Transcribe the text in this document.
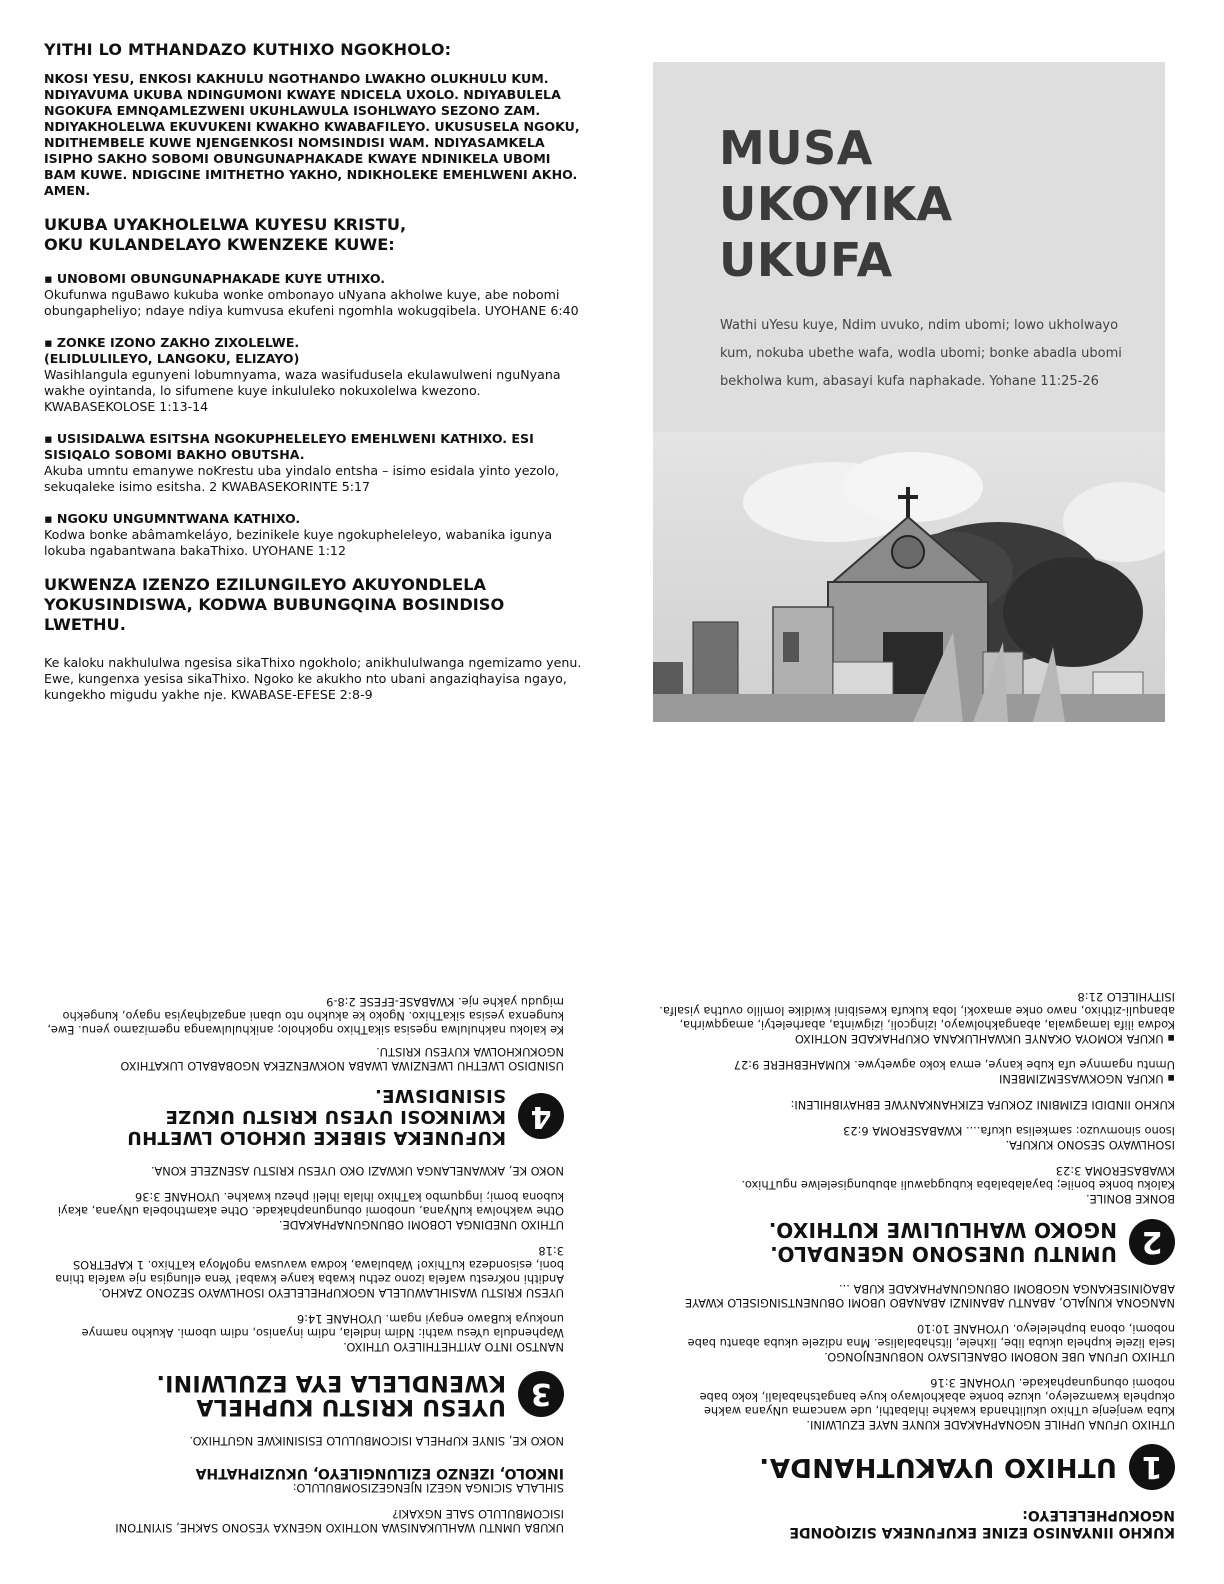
YITHI LO MTHANDAZO KUTHIXO NGOKHOLO:

NKOSI YESU, ENKOSI KAKHULU NGOTHANDO LWAKHO OLUKHULU KUM. NDIYAVUMA UKUBA NDINGUMONI KWAYE NDICELA UXOLO. NDIYABULELA NGOKUFA EMNQAMLEZWENI UKUHLAWULA ISOHLWAYO SEZONO ZAM. NDIYAKHOLELWA EKUVUKENI KWAKHO KWABAFILEYO. UKUSUSELA NGOKU, NDITHEMBELE KUWE NJENGENKOSI NOMSINDISI WAM. NDIYASAMKELA ISIPHO SAKHO SOBOMI OBUNGUNAPHAKADE KWAYE NDINIKELA UBOMI BAM KUWE. NDIGCINE IMITHETHO YAKHO, NDIKHOLEKE EMEHLWENI AKHO. AMEN.

UKUBA UYAKHOLELWA KUYESU KRISTU, OKU KULANDELAYO KWENZEKE KUWE:

▪ UNOBOMI OBUNGUNAPHAKADE KUYE UTHIXO.

Okufunwa nguBawo kukuba wonke ombonayo uNyana akholwe kuye, abe nobomi obungapheliyo; ndaye ndiya kumvusa ekufeni ngomhla wokugqibela. UYOHANE 6:40

▪ ZONKE IZONO ZAKHO ZIXOLELWE. (ELIDLULILEYO, LANGOKU, ELIZAYO)

Wasihlangula egunyeni lobumnyama, waza wasifudusela ekulawulweni nguNyana wakhe oyintanda, lo sifumene kuye inkululeko nokuxolelwa kwezono. KWABASEKOLOSE 1:13-14

▪ USISIDALWA ESITSHA NGOKUPHELELEYO EMEHLWENI KATHIXO. ESI SISIQALO SOBOMI BAKHO OBUTSHA.

Akuba umntu emanywe noKrestu uba yindalo entsha – isimo esidala yinto yezolo, sekuqaleke isimo esitsha. 2 KWABASEKORINTE 5:17

▪ NGOKU UNGUMNTWANA KATHIXO.

Kodwa bonke abâmamkeláyo, bezinikele kuye ngokupheleleyo, wabanika igunya lokuba ngabantwana bakaThixo. UYOHANE 1:12

UKWENZA IZENZO EZILUNGILEYO AKUYONDLELA YOKUSINDISWA, KODWA BUBUNGQINA BOSINDISO LWETHU.

Ke kaloku nakhululwa ngesisa sikaThixo ngokholo; anikhululwanga ngemizamo yenu. Ewe, kungenxa yesisa sikaThixo. Ngoko ke akukho nto ubani angaziqhayisa ngayo, kungekho migudu yakhe nje. KWABASE-EFESE 2:8-9

MUSA
UKOYIKA
UKUFA

Wathi uYesu kuye, Ndim uvuko, ndim ubomi; lowo ukholwayo kum, nokuba ubethe wafa, wodla ubomi; bonke abadla ubomi bekholwa kum, abasayi kufa naphakade. Yohane 11:25-26

UKUBA UMNTU WAHLUKANISWA NOTHIXO NGENXA YESONO SAKHE, SIYINTONI ISICOMBULULO SALE NGXAKI?

SIHLALA SICINGA NGEZI NJENGEZISOMBULULO:

INKOLO, IZENZO EZILUNGILEYO, UKUZIPHATHA

NOKO KE, SINYE KUPHELA ISICOMBULULO ESISINIKWE NGUTHIXO.

3
UYESU KRISTU KUPHELA KWENDLELA EYA EZULWINI.

NANTSO INTO AYITHETHILEYO UTHIXO.

Waphendula uYesu wathi: Ndim indlela, ndim inyaniso, ndim ubomi. Akukho namnye unokuya kuBawo engayi ngam. UYOHANE 14:6

UYESU KRISTU WASIHLAWULELA NGOKUPHELELEYO ISOHLWAYO SEZONO ZAKHO.

Andithi noKrestu wafela izono zethu kwaba kanye kwaba! Yena ellungisa nje wafela thina boni, esisondeza kuThixo! Wabulawa, kodwa wavuswa ngoMoya kaThixo. 1 KAPETROS 3:18

UTHIXO UNEDINGA LOBOMI OBUNGUNAPHAKADE.

Othe wakholwa kuNyana, unobomi obungunaphakade. Othe akamthobela uNyana, akayi kubona bomi; ingqumbo kaThixo ihlala ihleli phezu kwakhe. UYOHANE 3:36

NOKO KE, AKWANELANGA UKWAZI OKO UYESU KRISTU ASENZELE KONA.

4
KUFUNEKA SIBEKE UKHOLO LWETHU KWINKOSI UYESU KRISTU UKUZE SISINDISWE.

USINDISO LWETHU LWENZIWA LWABA NOKWENZEKA NGOBABALO LUKATHIXO NGOKUKHOLWA KUYESU KRISTU.

Ke kaloku nakhululwa ngesisa sikaThixo ngokholo; anikhululwanga ngemizamo yenu. Ewe, kungenxa yesisa sikaThixo. Ngoko ke akukho nto ubani angaziqhayisa ngayo, kungekho migudu yakhe nje. KWABASE-EFESE 2:8-9

KUKHO IINYANISO EZINE EKUFUNEKA SIZIQONDE NGOKUPHELELEYO:

1
UTHIXO UYAKUTHANDA.

UTHIXO UFUNA UPHILE NGONAPHAKADE KUNYE NAYE EZULWINI.

Kuba wenjenje uThixo ukulithanda kwakhe ihlabathi, ude wancama uNyana wakhe okuphela kwamzeleyo, ukuze bonke abakholwayo kuye bangatshabalali, koko babe nobomi obungunaphakade. UYOHANE 3:16

UTHIXO UFUNA UBE NOBOMI OBANELISAYO NOBUNENJONGO.

Isela lizele kuphela ukuba libe, lixhele, litshabalalise. Mna ndizele ukuba abantu babe nobomi, obona bupheleleyo. UYOHANE 10:10

NANGONA KUNJALO, ABANTU ABANINZI ABANABO UBOMI OBUNENTSINGISELO KWAYE ABAQINISEKANGA NGOBOMI OBUNGUNAPHAKADE KUBA ...

2
UMNTU UNESONO NGENDALO. NGOKO WAHLULIWE KUTHIXO.

BONKE BONILE.

Kaloku bonke bonile; bayalabalaba kubugqawuli abubungiselelwe nguThixo. KWABASEROMA 3:23

ISOHLWAYO SESONO KUKUFA.

Isono sinomvuzo: samkelisa ukufa.... KWABASEROMA 6:23

KUKHO IINDIDI EZIMBINI ZOKUFA EZIKHANKANYWE EBHAYIBHILENI:

▪ UKUFA NGOKWASEMZIMBENI

Umntu ngamnye ufa kube kanye, emva koko agwetywe. KUMAHEBHERE 9:27

▪ UKUFA KOMOYA OKANYE UKWAHLUKANA OKUPHAKADE NOTHIXO

Kodwa ilifa lamagwala, abangakholwayo, izingcoli, izigwinta, abarheletyi, amagqwirha, abanquli-zithixo, nawo onke amaxoki, loba kukufa kwesibini kwidike lomlilo ovutha yisalfa. ISITYHILELO 21:8
